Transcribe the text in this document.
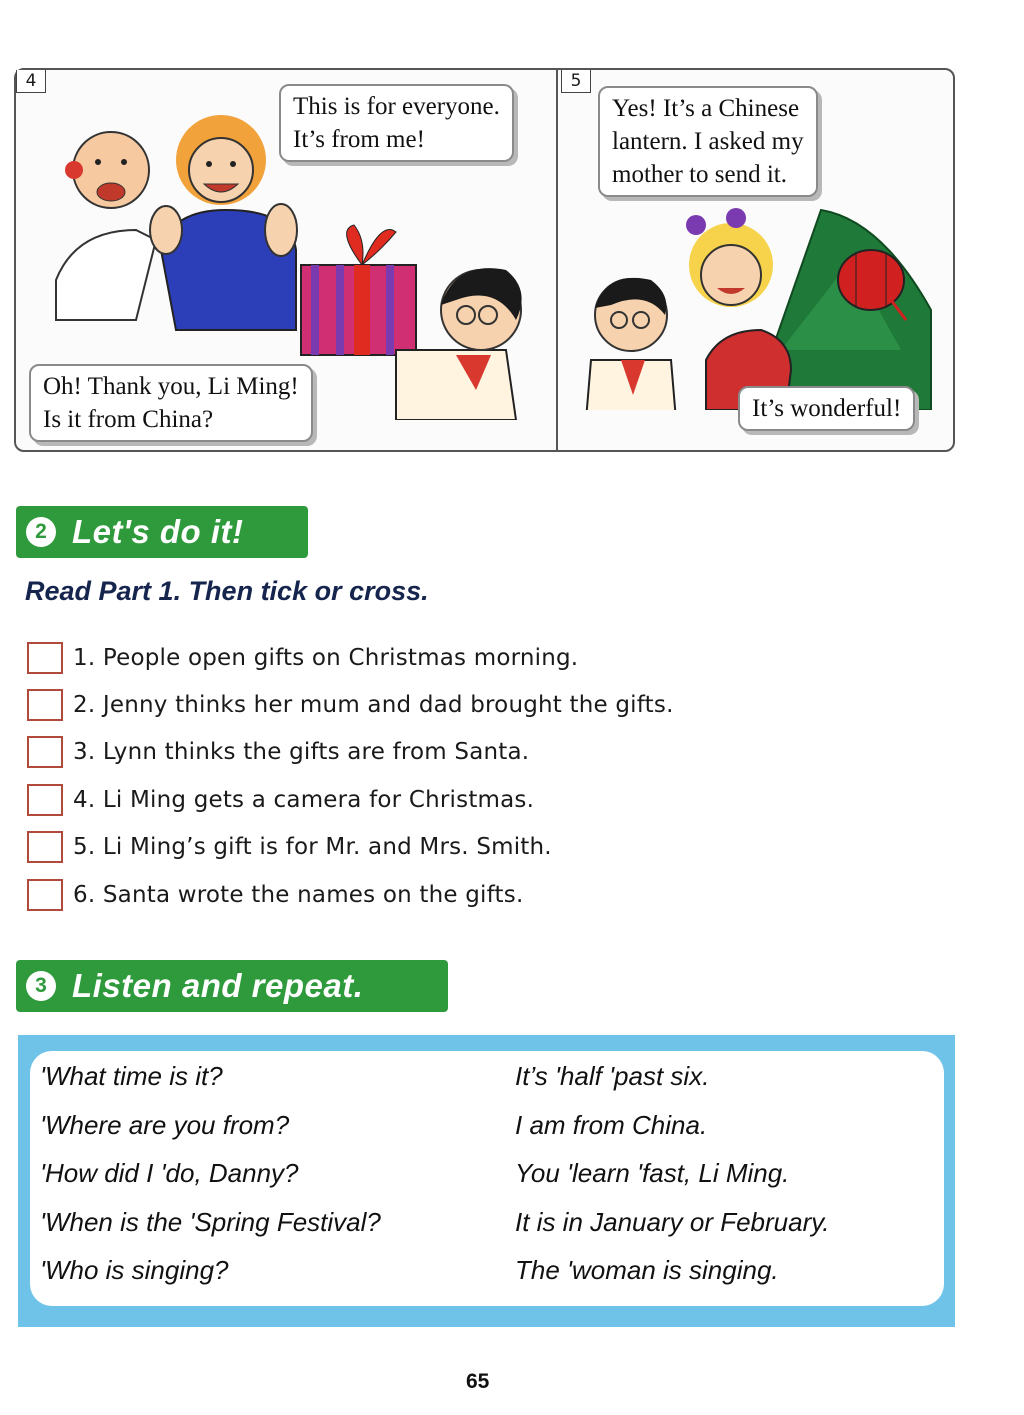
4	5
This is for everyone.
It’s from me!
Oh! Thank you, Li Ming!
Is it from China?
Yes! It’s a Chinese
lantern. I asked my
mother to send it.
It’s wonderful!
2 Let's do it!
Read Part 1. Then tick or cross.
1. People open gifts on Christmas morning.
2. Jenny thinks her mum and dad brought the gifts.
3. Lynn thinks the gifts are from Santa.
4. Li Ming gets a camera for Christmas.
5. Li Ming’s gift is for Mr. and Mrs. Smith.
6. Santa wrote the names on the gifts.
3 Listen and repeat.
'What time is it?
'Where are you from?
'How did I 'do, Danny?
'When is the 'Spring Festival?
'Who is singing?
It’s 'half 'past six.
I am from China.
You 'learn 'fast, Li Ming.
It is in January or February.
The 'woman is singing.
65
